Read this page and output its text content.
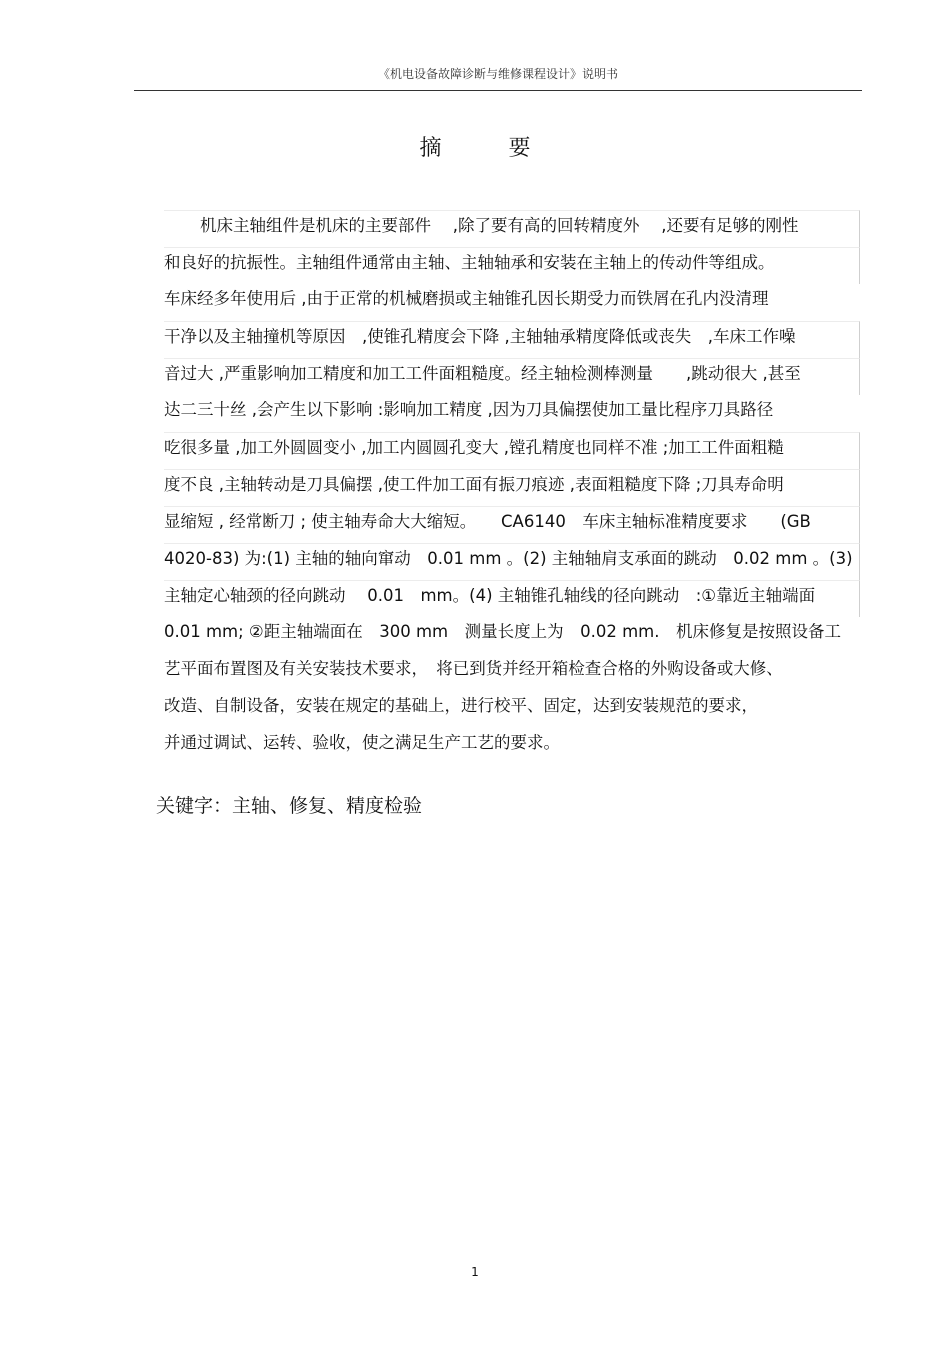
《机电设备故障诊断与维修课程设计》说明书
摘 要
机床主轴组件是机床的主要部件　 ,除了要有高的回转精度外　 ,还要有足够的刚性
和良好的抗振性。主轴组件通常由主轴、主轴轴承和安装在主轴上的传动件等组成。
车床经多年使用后 ,由于正常的机械磨损或主轴锥孔因长期受力而铁屑在孔内没清理
干净以及主轴撞机等原因　,使锥孔精度会下降 ,主轴轴承精度降低或丧失　,车床工作噪
音过大 ,严重影响加工精度和加工工件面粗糙度。经主轴检测棒测量　　,跳动很大 ,甚至
达二三十丝 ,会产生以下影响 :影响加工精度 ,因为刀具偏摆使加工量比程序刀具路径
吃很多量 ,加工外圆圆变小 ,加工内圆圆孔变大 ,镗孔精度也同样不准 ;加工工件面粗糙
度不良 ,主轴转动是刀具偏摆 ,使工件加工面有振刀痕迹 ,表面粗糙度下降 ;刀具寿命明
显缩短 , 经常断刀 ; 使主轴寿命大大缩短。　　CA6140　车床主轴标准精度要求　　(GB
4020-83) 为:(1) 主轴的轴向窜动　0.01 mm 。(2) 主轴轴肩支承面的跳动　0.02 mm 。(3)
主轴定心轴颈的径向跳动　 0.01　mm。(4) 主轴锥孔轴线的径向跳动　:①靠近主轴端面
0.01 mm; ②距主轴端面在　300 mm　测量长度上为　0.02 mm.　机床修复是按照设备工
艺平面布置图及有关安装技术要求，　将已到货并经开箱检查合格的外购设备或大修、
改造、自制设备，安装在规定的基础上，进行校平、固定，达到安装规范的要求，
并通过调试、运转、验收，使之满足生产工艺的要求。
关键字：主轴、修复、精度检验
1
